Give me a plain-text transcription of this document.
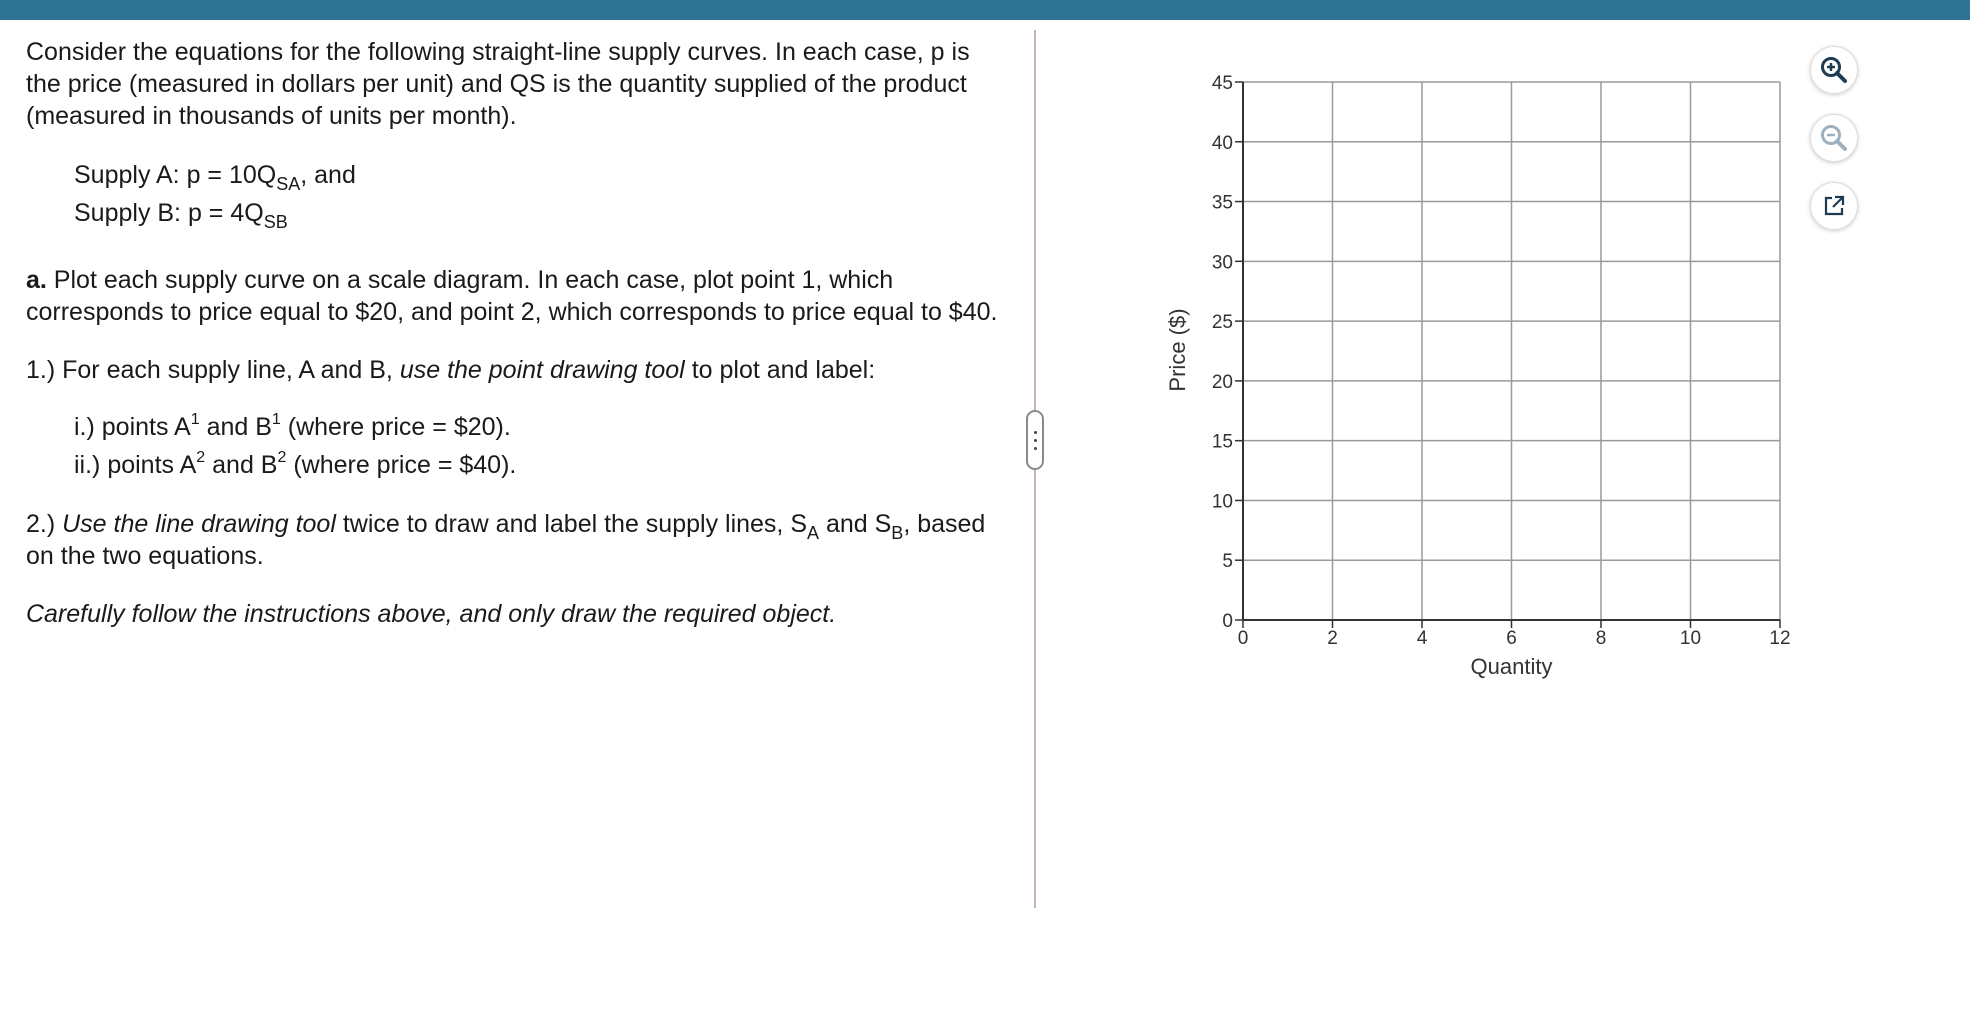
Consider the equations for the following straight-line supply curves. In each case, p is the price (measured in dollars per unit) and QS is the quantity supplied of the product (measured in thousands of units per month).

Supply A: $p = 10Q_{SA}$, and
Supply B: $p = 4Q_{SB}$

a. Plot each supply curve on a scale diagram. In each case, plot point 1, which corresponds to price equal to $20, and point 2, which corresponds to price equal to $40.

1.) For each supply line, A and B, use the point drawing tool to plot and label:

i.) points $A^1$ and $B^1$ (where price = $20).
ii.) points $A^2$ and $B^2$ (where price = $40).

2.) Use the line drawing tool twice to draw and label the supply lines, $S_A$ and $S_B$, based on the two equations.

Carefully follow the instructions above, and only draw the required object.

0	2	4	6	8	10	12
0
5
10
15
20
25
30
35
40
45
Quantity
Price ($)
